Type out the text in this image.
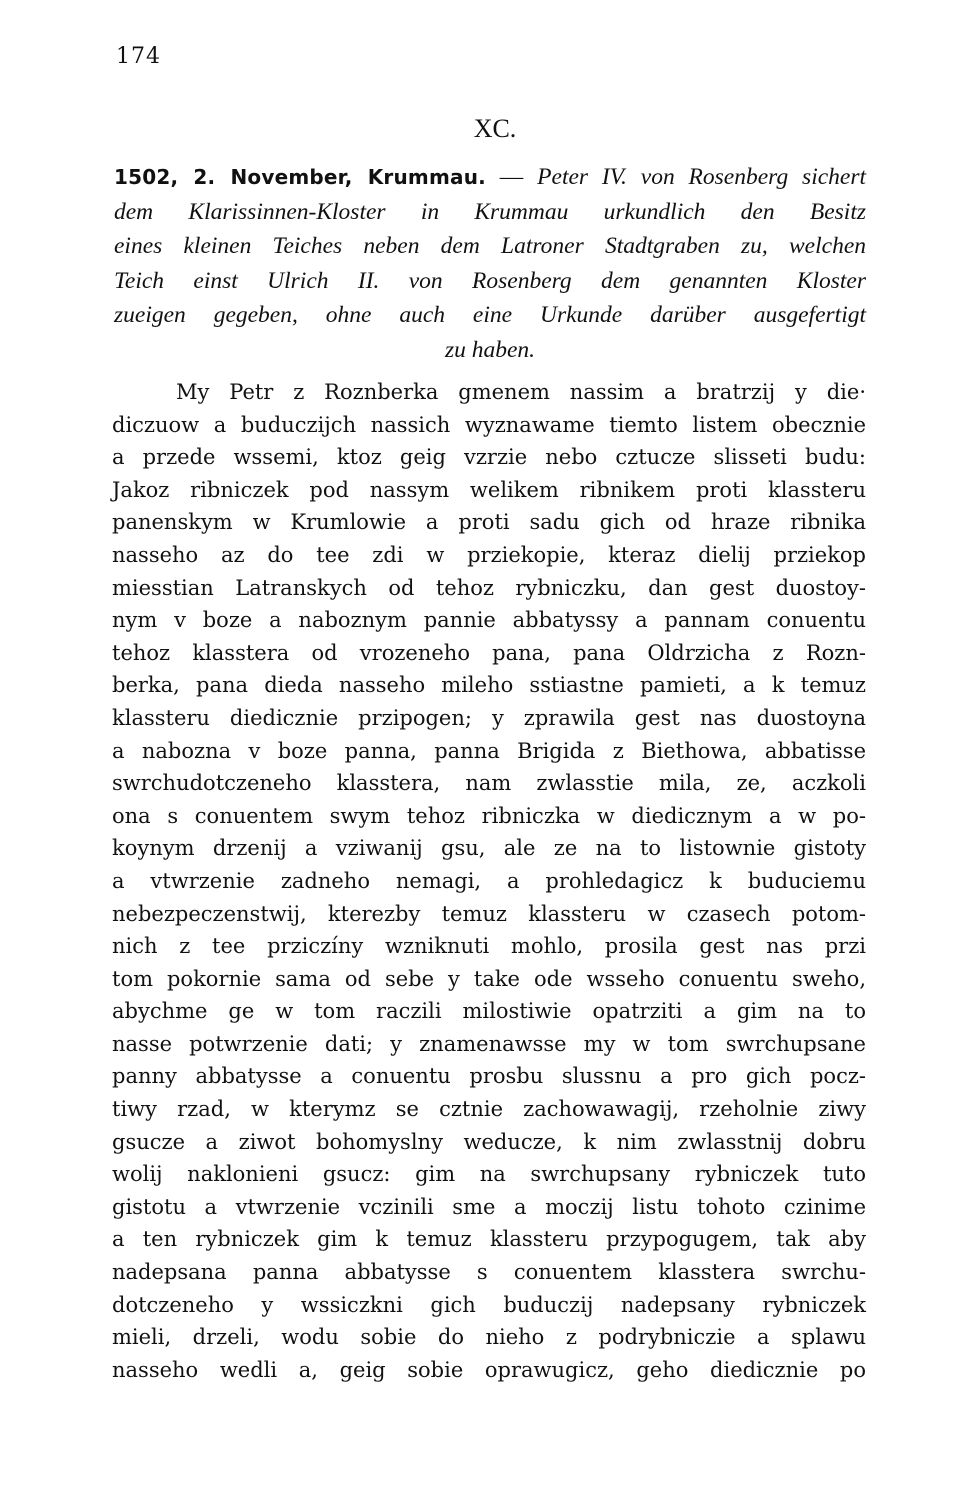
174
XC.
1502, 2. November, Krummau. — Peter IV. von Rosenberg sichert
dem Klarissinnen-Kloster in Krummau urkundlich den Besitz
eines kleinen Teiches neben dem Latroner Stadtgraben zu, welchen
Teich einst Ulrich II. von Rosenberg dem genannten Kloster
zueigen gegeben, ohne auch eine Urkunde darüber ausgefertigt
zu haben.
My Petr z Roznberka gmenem nassim a bratrzij y die·
diczuow a buduczijch nassich wyznawame tiemto listem obecznie
a przede wssemi, ktoz geig vzrzie nebo cztucze slisseti budu:
Jakoz ribniczek pod nassym welikem ribnikem proti klassteru
panenskym w Krumlowie a proti sadu gich od hraze ribnika
nasseho az do tee zdi w prziekopie, kteraz dielij prziekop
miesstian Latranskych od tehoz rybniczku, dan gest duostoy-
nym v boze a naboznym pannie abbatyssy a pannam conuentu
tehoz klasstera od vrozeneho pana, pana Oldrzicha z Rozn-
berka, pana dieda nasseho mileho sstiastne pamieti, a k temuz
klassteru diedicznie przipogen; y zprawila gest nas duostoyna
a nabozna v boze panna, panna Brigida z Biethowa, abbatisse
swrchudotczeneho klasstera, nam zwlasstie mila, ze, aczkoli
ona s conuentem swym tehoz ribniczka w diedicznym a w po-
koynym drzenij a vziwanij gsu, ale ze na to listownie gistoty
a vtwrzenie zadneho nemagi, a prohledagicz k buduciemu
nebezpeczenstwij, kterezby temuz klassteru w czasech potom-
nich z tee prziczíny wzniknuti mohlo, prosila gest nas przi
tom pokornie sama od sebe y take ode wsseho conuentu sweho,
abychme ge w tom raczili milostiwie opatrziti a gim na to
nasse potwrzenie dati; y znamenawsse my w tom swrchupsane
panny abbatysse a conuentu prosbu slussnu a pro gich pocz-
tiwy rzad, w kterymz se cztnie zachowawagij, rzeholnie ziwy
gsucze a ziwot bohomyslny weducze, k nim zwlasstnij dobru
wolij naklonieni gsucz: gim na swrchupsany rybniczek tuto
gistotu a vtwrzenie vczinili sme a moczij listu tohoto czinime
a ten rybniczek gim k temuz klassteru przypogugem, tak aby
nadepsana panna abbatysse s conuentem klasstera swrchu-
dotczeneho y wssiczkni gich buduczij nadepsany rybniczek
mieli, drzeli, wodu sobie do nieho z podrybniczie a splawu
nasseho wedli a, geig sobie oprawugicz, geho diedicznie po
